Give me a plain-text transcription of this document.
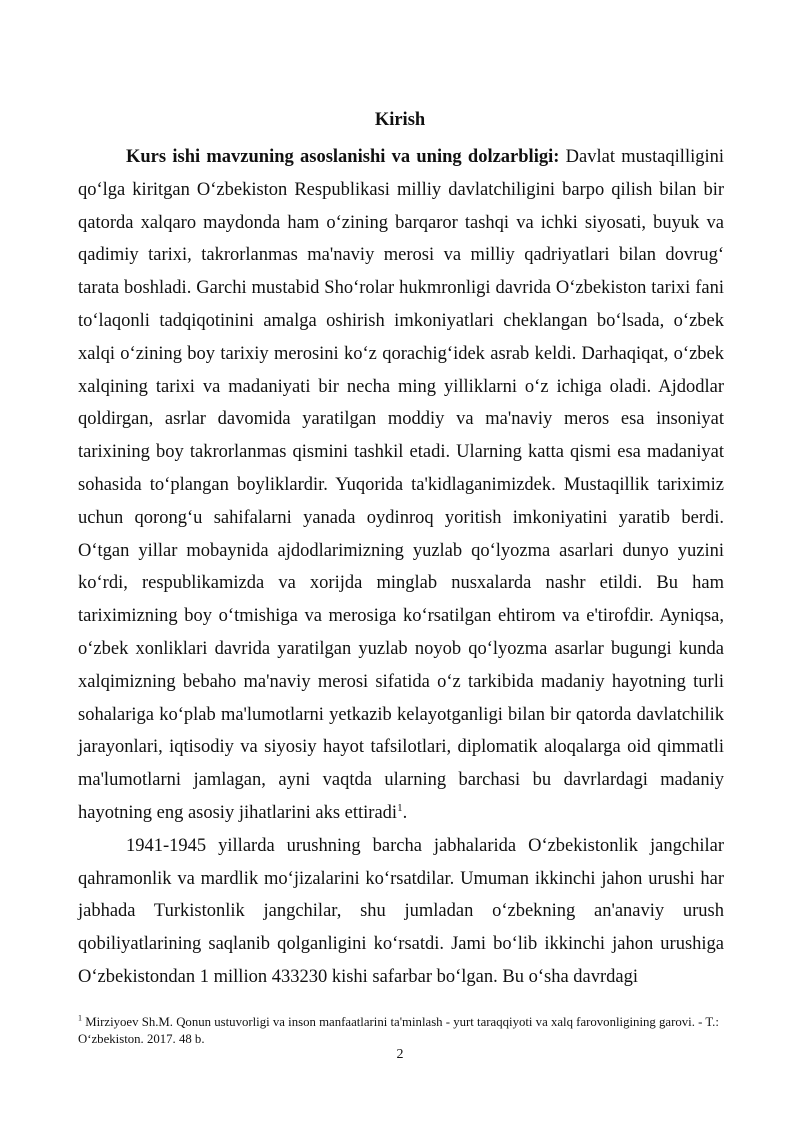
Kirish

Kurs ishi mavzuning asoslanishi va uning dolzarbligi: Davlat mustaqilligini qo‘lga kiritgan O‘zbekiston Respublikasi milliy davlatchiligini barpo qilish bilan bir qatorda xalqaro maydonda ham o‘zining barqaror tashqi va ichki siyosati, buyuk va qadimiy tarixi, takrorlanmas ma'naviy merosi va milliy qadriyatlari bilan dovrug‘ tarata boshladi. Garchi mustabid Sho‘rolar hukmronligi davrida O‘zbekiston tarixi fani to‘laqonli tadqiqotinini amalga oshirish imkoniyatlari cheklangan bo‘lsada, o‘zbek xalqi o‘zining boy tarixiy merosini ko‘z qorachig‘idek asrab keldi. Darhaqiqat, o‘zbek xalqining tarixi va madaniyati bir necha ming yilliklarni o‘z ichiga oladi. Ajdodlar qoldirgan, asrlar davomida yaratilgan moddiy va ma'naviy meros esa insoniyat tarixining boy takrorlanmas qismini tashkil etadi. Ularning katta qismi esa madaniyat sohasida to‘plangan boyliklardir. Yuqorida ta'kidlaganimizdek. Mustaqillik tariximiz uchun qorong‘u sahifalarni yanada oydinroq yoritish imkoniyatini yaratib berdi. O‘tgan yillar mobaynida ajdodlarimizning yuzlab qo‘lyozma asarlari dunyo yuzini ko‘rdi, respublikamizda va xorijda minglab nusxalarda nashr etildi. Bu ham tariximizning boy o‘tmishiga va merosiga ko‘rsatilgan ehtirom va e'tirofdir. Ayniqsa, o‘zbek xonliklari davrida yaratilgan yuzlab noyob qo‘lyozma asarlar bugungi kunda xalqimizning bebaho ma'naviy merosi sifatida o‘z tarkibida madaniy hayotning turli sohalariga ko‘plab ma'lumotlarni yetkazib kelayotganligi bilan bir qatorda davlatchilik jarayonlari, iqtisodiy va siyosiy hayot tafsilotlari, diplomatik aloqalarga oid qimmatli ma'lumotlarni jamlagan, ayni vaqtda ularning barchasi bu davrlardagi madaniy hayotning eng asosiy jihatlarini aks ettiradi$^1$.

1941-1945 yillarda urushning barcha jabhalarida O‘zbekistonlik jangchilar qahramonlik va mardlik mo‘jizalarini ko‘rsatdilar. Umuman ikkinchi jahon urushi har jabhada Turkistonlik jangchilar, shu jumladan o‘zbekning an'anaviy urush qobiliyatlarining saqlanib qolganligini ko‘rsatdi. Jami bo‘lib ikkinchi jahon urushiga O‘zbekistondan 1 million 433230 kishi safarbar bo‘lgan. Bu o‘sha davrdagi

$^1$ Mirziyoev Sh.M. Qonun ustuvorligi va inson manfaatlarini ta'minlash - yurt taraqqiyoti va xalq farovonligining garovi. - T.: O‘zbekiston. 2017. 48 b.
2
